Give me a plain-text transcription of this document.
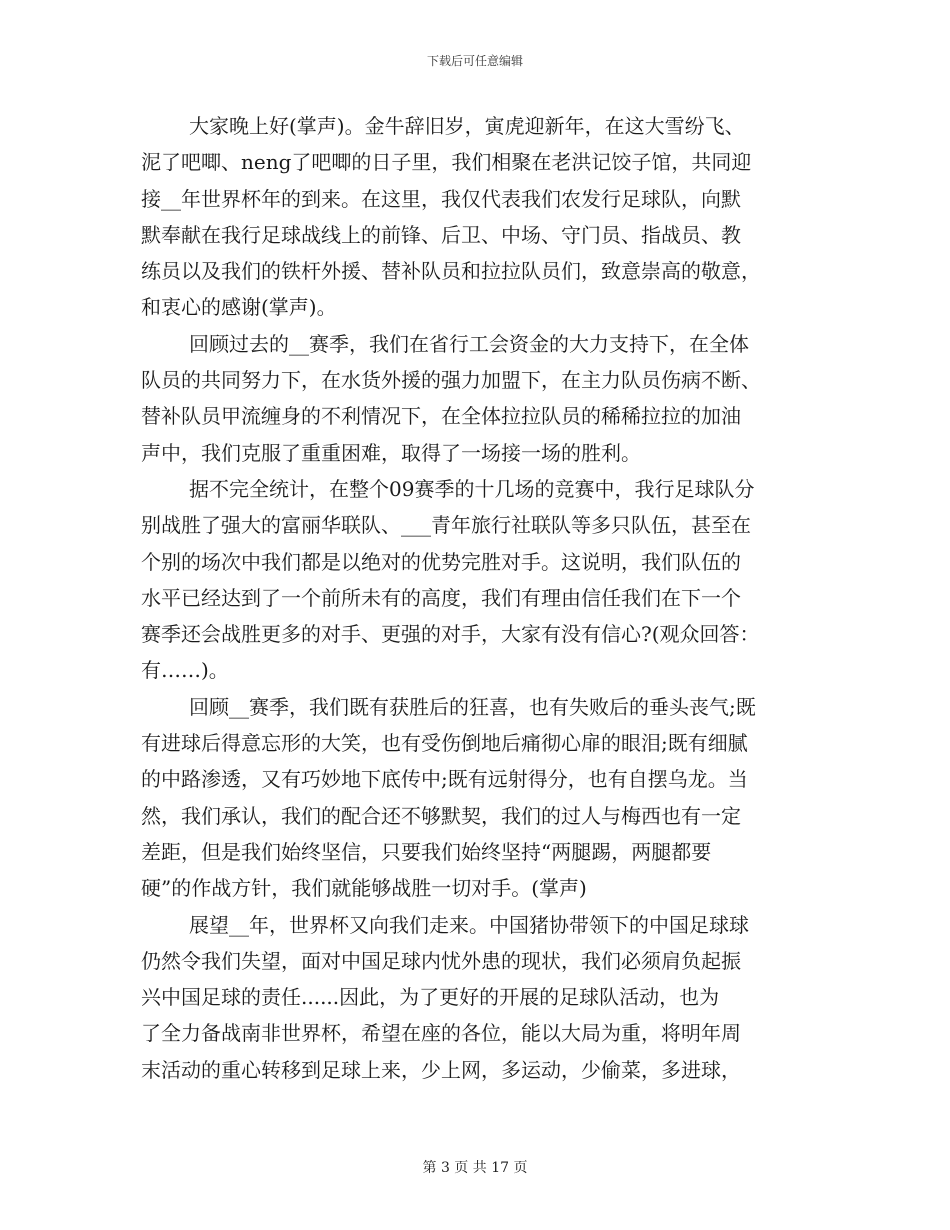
下载后可任意编辑
大家晚上好(掌声)。金牛辞旧岁，寅虎迎新年，在这大雪纷飞、
泥了吧唧、neng了吧唧的日子里，我们相聚在老洪记饺子馆，共同迎
接__年世界杯年的到来。在这里，我仅代表我们农发行足球队，向默
默奉献在我行足球战线上的前锋、后卫、中场、守门员、指战员、教
练员以及我们的铁杆外援、替补队员和拉拉队员们，致意崇高的敬意，
和衷心的感谢(掌声)。
回顾过去的__赛季，我们在省行工会资金的大力支持下，在全体
队员的共同努力下，在水货外援的强力加盟下，在主力队员伤病不断、
替补队员甲流缠身的不利情况下，在全体拉拉队员的稀稀拉拉的加油
声中，我们克服了重重困难，取得了一场接一场的胜利。
据不完全统计，在整个09赛季的十几场的竞赛中，我行足球队分
别战胜了强大的富丽华联队、___青年旅行社联队等多只队伍，甚至在
个别的场次中我们都是以绝对的优势完胜对手。这说明，我们队伍的
水平已经达到了一个前所未有的高度，我们有理由信任我们在下一个
赛季还会战胜更多的对手、更强的对手，大家有没有信心?(观众回答：
有……)。
回顾__赛季，我们既有获胜后的狂喜，也有失败后的垂头丧气;既
有进球后得意忘形的大笑，也有受伤倒地后痛彻心扉的眼泪;既有细腻
的中路渗透，又有巧妙地下底传中;既有远射得分，也有自摆乌龙。当
然，我们承认，我们的配合还不够默契，我们的过人与梅西也有一定
差距，但是我们始终坚信，只要我们始终坚持“两腿踢，两腿都要
硬”的作战方针，我们就能够战胜一切对手。(掌声)
展望__年，世界杯又向我们走来。中国猪协带领下的中国足球球
仍然令我们失望，面对中国足球内忧外患的现状，我们必须肩负起振
兴中国足球的责任......因此，为了更好的开展的足球队活动，也为
了全力备战南非世界杯，希望在座的各位，能以大局为重，将明年周
末活动的重心转移到足球上来，少上网，多运动，少偷菜，多进球，
第 3 页 共 17 页
